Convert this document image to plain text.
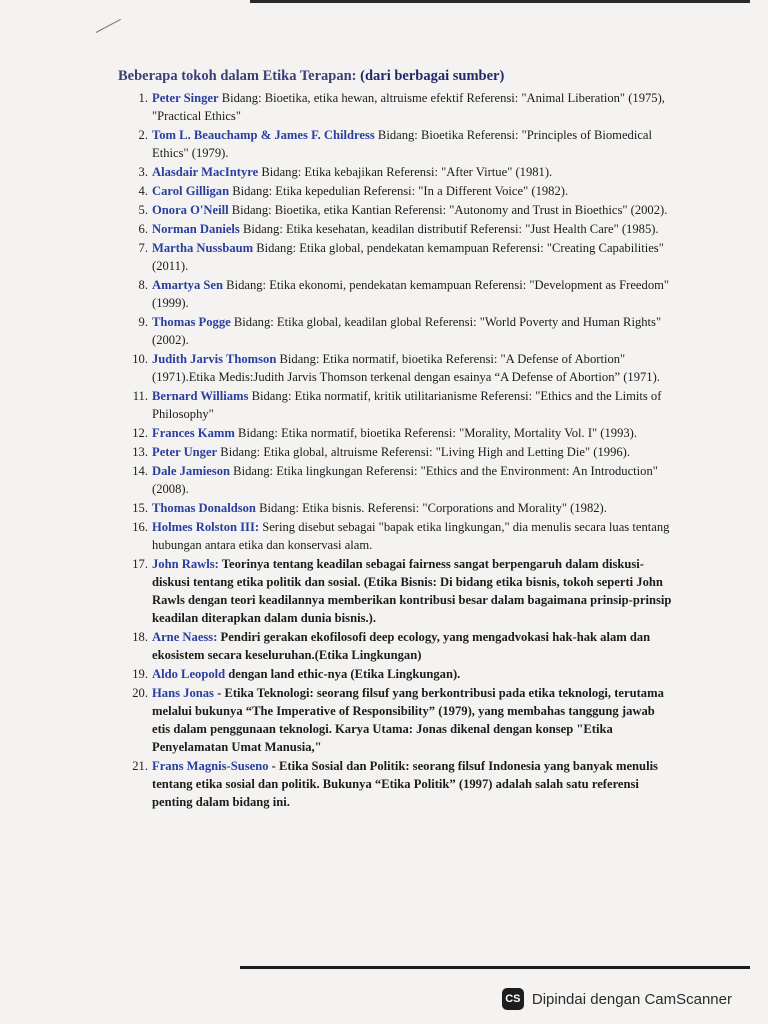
Beberapa tokoh dalam Etika Terapan: (dari berbagai sumber)
1. Peter Singer Bidang: Bioetika, etika hewan, altruisme efektif Referensi: "Animal Liberation" (1975), "Practical Ethics"
2. Tom L. Beauchamp & James F. Childress Bidang: Bioetika Referensi: "Principles of Biomedical Ethics" (1979).
3. Alasdair MacIntyre Bidang: Etika kebajikan Referensi: "After Virtue" (1981).
4. Carol Gilligan Bidang: Etika kepedulian Referensi: "In a Different Voice" (1982).
5. Onora O'Neill Bidang: Bioetika, etika Kantian Referensi: "Autonomy and Trust in Bioethics" (2002).
6. Norman Daniels Bidang: Etika kesehatan, keadilan distributif Referensi: "Just Health Care" (1985).
7. Martha Nussbaum Bidang: Etika global, pendekatan kemampuan Referensi: "Creating Capabilities" (2011).
8. Amartya Sen Bidang: Etika ekonomi, pendekatan kemampuan Referensi: "Development as Freedom" (1999).
9. Thomas Pogge Bidang: Etika global, keadilan global Referensi: "World Poverty and Human Rights" (2002).
10. Judith Jarvis Thomson Bidang: Etika normatif, bioetika Referensi: "A Defense of Abortion" (1971).Etika Medis:Judith Jarvis Thomson terkenal dengan esainya “A Defense of Abortion” (1971).
11. Bernard Williams Bidang: Etika normatif, kritik utilitarianisme Referensi: "Ethics and the Limits of Philosophy"
12. Frances Kamm Bidang: Etika normatif, bioetika Referensi: "Morality, Mortality Vol. I" (1993).
13. Peter Unger Bidang: Etika global, altruisme Referensi: "Living High and Letting Die" (1996).
14. Dale Jamieson Bidang: Etika lingkungan Referensi: "Ethics and the Environment: An Introduction" (2008).
15. Thomas Donaldson Bidang: Etika bisnis. Referensi: "Corporations and Morality" (1982).
16. Holmes Rolston III: Sering disebut sebagai "bapak etika lingkungan," dia menulis secara luas tentang hubungan antara etika dan konservasi alam.
17. John Rawls: Teorinya tentang keadilan sebagai fairness sangat berpengaruh dalam diskusi-diskusi tentang etika politik dan sosial. (Etika Bisnis: Di bidang etika bisnis, tokoh seperti John Rawls dengan teori keadilannya memberikan kontribusi besar dalam bagaimana prinsip-prinsip keadilan diterapkan dalam dunia bisnis.).
18. Arne Naess: Pendiri gerakan ekofilosofi deep ecology, yang mengadvokasi hak-hak alam dan ekosistem secara keseluruhan.(Etika Lingkungan)
19. Aldo Leopold dengan land ethic-nya (Etika Lingkungan).
20. Hans Jonas - Etika Teknologi: seorang filsuf yang berkontribusi pada etika teknologi, terutama melalui bukunya “The Imperative of Responsibility” (1979), yang membahas tanggung jawab etis dalam penggunaan teknologi. Karya Utama: Jonas dikenal dengan konsep "Etika Penyelamatan Umat Manusia,"
21. Frans Magnis-Suseno - Etika Sosial dan Politik: seorang filsuf Indonesia yang banyak menulis tentang etika sosial dan politik. Bukunya “Etika Politik” (1997) adalah salah satu referensi penting dalam bidang ini.
CS Dipindai dengan CamScanner
